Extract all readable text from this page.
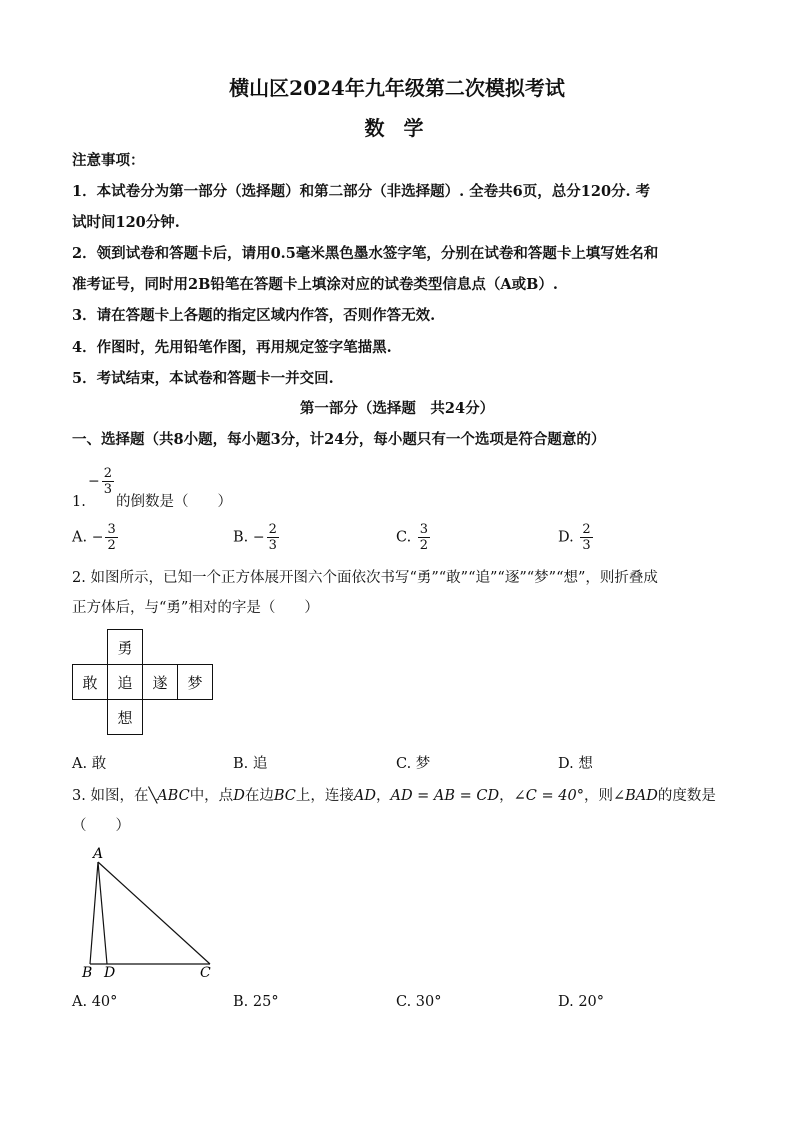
横山区2024年九年级第二次模拟考试
数 学
注意事项：
1．本试卷分为第一部分（选择题）和第二部分（非选择题）. 全卷共6页，总分120分. 考
试时间120分钟.
2．领到试卷和答题卡后，请用0.5毫米黑色墨水签字笔，分别在试卷和答题卡上填写姓名和
准考证号，同时用2B铅笔在答题卡上填涂对应的试卷类型信息点（A或B）.
3．请在答题卡上各题的指定区域内作答，否则作答无效.
4．作图时，先用铅笔作图，再用规定签字笔描黑.
5．考试结束，本试卷和答题卡一并交回.
第一部分（选择题　共24分）
一、选择题（共8小题，每小题3分，计24分，每小题只有一个选项是符合题意的）
− $\frac{2}{3}$
1. 的倒数是（　　）
A. − $\frac{3}{2}$	B. − $\frac{2}{3}$	C. $\frac{3}{2}$	D. $\frac{2}{3}$
2. 如图所示，已知一个正方体展开图六个面依次书写“勇”“敢”“追”“逐”“梦”“想”，则折叠成
正方体后，与“勇”相对的字是（　　）
	勇		
敢	追	遂	梦
	想		
A. 敢	B. 追	C. 梦	D. 想
3. 如图，在╲ABC中，点D在边BC上，连接AD，AD = AB = CD，∠C = 40°，则∠BAD的度数是
（　　）
A
B D	C
A. 40°	B. 25°	C. 30°	D. 20°
